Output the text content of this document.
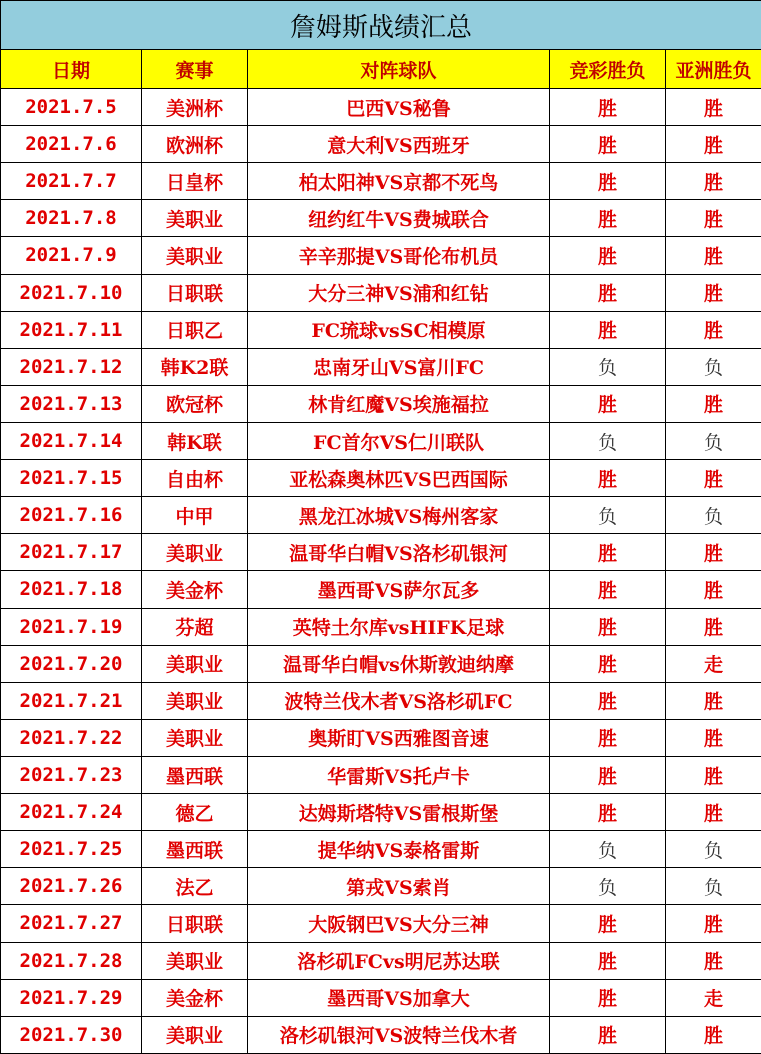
詹姆斯战绩汇总				
日期	赛事	对阵球队	竞彩胜负	亚洲胜负
2021.7.5	美洲杯	巴西VS秘鲁	胜	胜
2021.7.6	欧洲杯	意大利VS西班牙	胜	胜
2021.7.7	日皇杯	柏太阳神VS京都不死鸟	胜	胜
2021.7.8	美职业	纽约红牛VS费城联合	胜	胜
2021.7.9	美职业	辛辛那提VS哥伦布机员	胜	胜
2021.7.10	日职联	大分三神VS浦和红钻	胜	胜
2021.7.11	日职乙	FC琉球vsSC相模原	胜	胜
2021.7.12	韩K2联	忠南牙山VS富川FC	负	负
2021.7.13	欧冠杯	林肯红魔VS埃施福拉	胜	胜
2021.7.14	韩K联	FC首尔VS仁川联队	负	负
2021.7.15	自由杯	亚松森奥林匹VS巴西国际	胜	胜
2021.7.16	中甲	黑龙江冰城VS梅州客家	负	负
2021.7.17	美职业	温哥华白帽VS洛杉矶银河	胜	胜
2021.7.18	美金杯	墨西哥VS萨尔瓦多	胜	胜
2021.7.19	芬超	英特土尔库vsHIFK足球	胜	胜
2021.7.20	美职业	温哥华白帽vs休斯敦迪纳摩	胜	走
2021.7.21	美职业	波特兰伐木者VS洛杉矶FC	胜	胜
2021.7.22	美职业	奥斯盯VS西雅图音速	胜	胜
2021.7.23	墨西联	华雷斯VS托卢卡	胜	胜
2021.7.24	德乙	达姆斯塔特VS雷根斯堡	胜	胜
2021.7.25	墨西联	提华纳VS泰格雷斯	负	负
2021.7.26	法乙	第戎VS索肖	负	负
2021.7.27	日职联	大阪钢巴VS大分三神	胜	胜
2021.7.28	美职业	洛杉矶FCvs明尼苏达联	胜	胜
2021.7.29	美金杯	墨西哥VS加拿大	胜	走
2021.7.30	美职业	洛杉矶银河VS波特兰伐木者	胜	胜
